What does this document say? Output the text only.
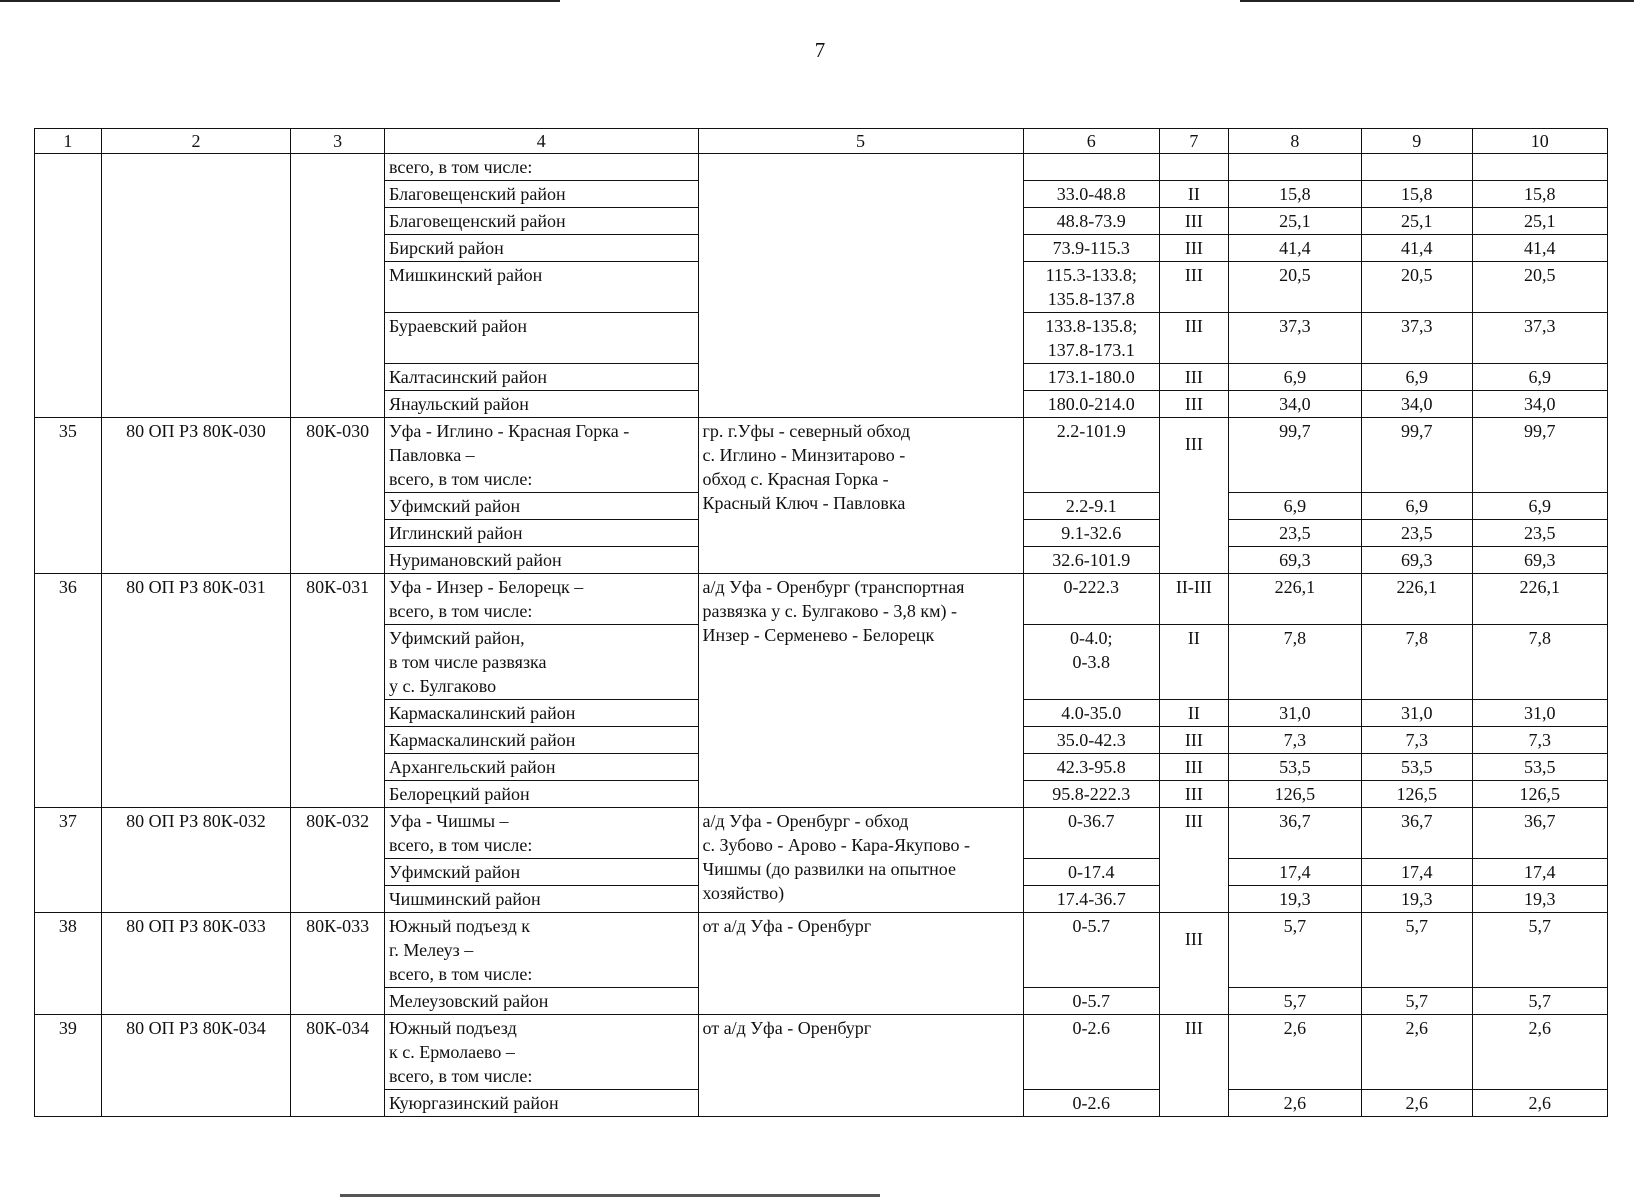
7
1	2	3	4	5	6	7	8	9	10
			всего, в том числе:						
			Благовещенский район		33.0-48.8	II	15,8	15,8	15,8
			Благовещенский район		48.8-73.9	III	25,1	25,1	25,1
			Бирский район		73.9-115.3	III	41,4	41,4	41,4
			Мишкинский район		115.3-133.8;
135.8-137.8	III	20,5	20,5	20,5
			Бураевский район		133.8-135.8;
137.8-173.1	III	37,3	37,3	37,3
			Калтасинский район		173.1-180.0	III	6,9	6,9	6,9
			Янаульский район		180.0-214.0	III	34,0	34,0	34,0
35	80 ОП РЗ 80К-030	80К-030	Уфа - Иглино - Красная Горка -
Павловка –
всего, в том числе:	гр. г.Уфы - северный обход
с. Иглино - Минзитарово -
обход с. Красная Горка -
Красный Ключ - Павловка	2.2-101.9	III	99,7	99,7	99,7
			Уфимский район		2.2-9.1		6,9	6,9	6,9
			Иглинский район		9.1-32.6		23,5	23,5	23,5
			Нуримановский район		32.6-101.9		69,3	69,3	69,3
36	80 ОП РЗ 80К-031	80К-031	Уфа - Инзер - Белорецк –
всего, в том числе:	а/д Уфа - Оренбург (транспортная
развязка у с. Булгаково - 3,8 км) -
Инзер - Серменево - Белорецк	0-222.3	II-III	226,1	226,1	226,1

			Уфимский район,
в том числе развязка
у с. Булгаково		0-4.0;
0-3.8	II	7,8	7,8	7,8
			Кармаскалинский район		4.0-35.0	II	31,0	31,0	31,0
			Кармаскалинский район		35.0-42.3	III	7,3	7,3	7,3
			Архангельский район		42.3-95.8	III	53,5	53,5	53,5
			Белорецкий район		95.8-222.3	III	126,5	126,5	126,5
37	80 ОП РЗ 80К-032	80К-032	Уфа - Чишмы –
всего, в том числе:	а/д Уфа - Оренбург - обход
с. Зубово - Арово - Кара-Якупово -
Чишмы (до развилки на опытное
хозяйство)	0-36.7	III	36,7	36,7	36,7
			Уфимский район		0-17.4		17,4	17,4	17,4
			Чишминский район		17.4-36.7		19,3	19,3	19,3
38	80 ОП РЗ 80К-033	80К-033	Южный подъезд к
г. Мелеуз –
всего, в том числе:	от а/д Уфа - Оренбург	0-5.7	III	5,7	5,7	5,7
			Мелеузовский район		0-5.7		5,7	5,7	5,7
39	80 ОП РЗ 80К-034	80К-034	Южный подъезд
к с. Ермолаево –
всего, в том числе:	от а/д Уфа - Оренбург	0-2.6	III	2,6	2,6	2,6
			Куюргазинский район		0-2.6		2,6	2,6	2,6
